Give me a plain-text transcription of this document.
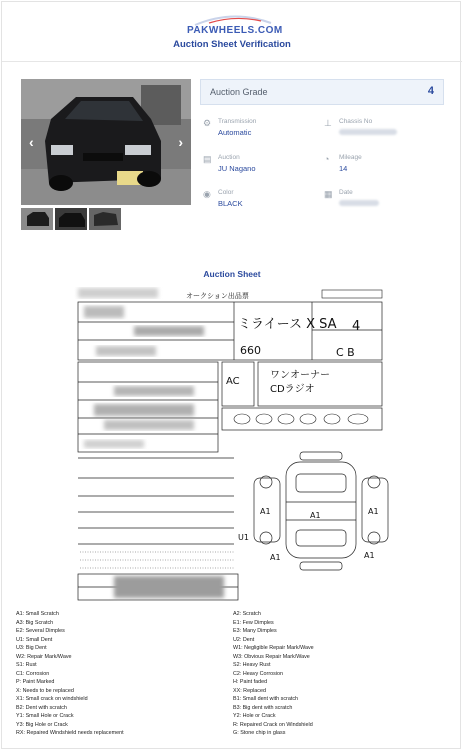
PAKWHEELS.COM
Auction Sheet Verification
‹	›
Auction Grade	4
⚙ Transmission
Automatic
⊥	Chassis No
▤ Auction
JU Nagano
◔	Mileage
14
◉	Color
BLACK
▦ Date
Auction Sheet
オークション出品票
ミライース X SA 4
C B
660
ワンオーナー
CDラジオ
AC
A1
A1	A1
A1
U1
A1
A1: Small Scratch
A3: Big Scratch
E2: Several Dimples
U1: Small Dent
U3: Big Dent
W2: Repair Mark/Wave
S1: Rust
C1: Corrosion
P: Paint Marked
X: Needs to be replaced
X1: Small crack on windshield
B2: Dent with scratch
Y1: Small Hole or Crack
Y3: Big Hole or Crack
RX: Repaired Windshield needs replacement
A2: Scratch
E1: Few Dimples
E3: Many Dimples
U2: Dent
W1: Negligible Repair Mark/Wave
W3: Obvious Repair Mark/Wave
S2: Heavy Rust
C2: Heavy Corrosion
H: Paint faded
XX: Replaced
B1: Small dent with scratch
B3: Big dent with scratch
Y2: Hole or Crack
R: Repaired Crack on Windshield
G: Stone chip in glass
